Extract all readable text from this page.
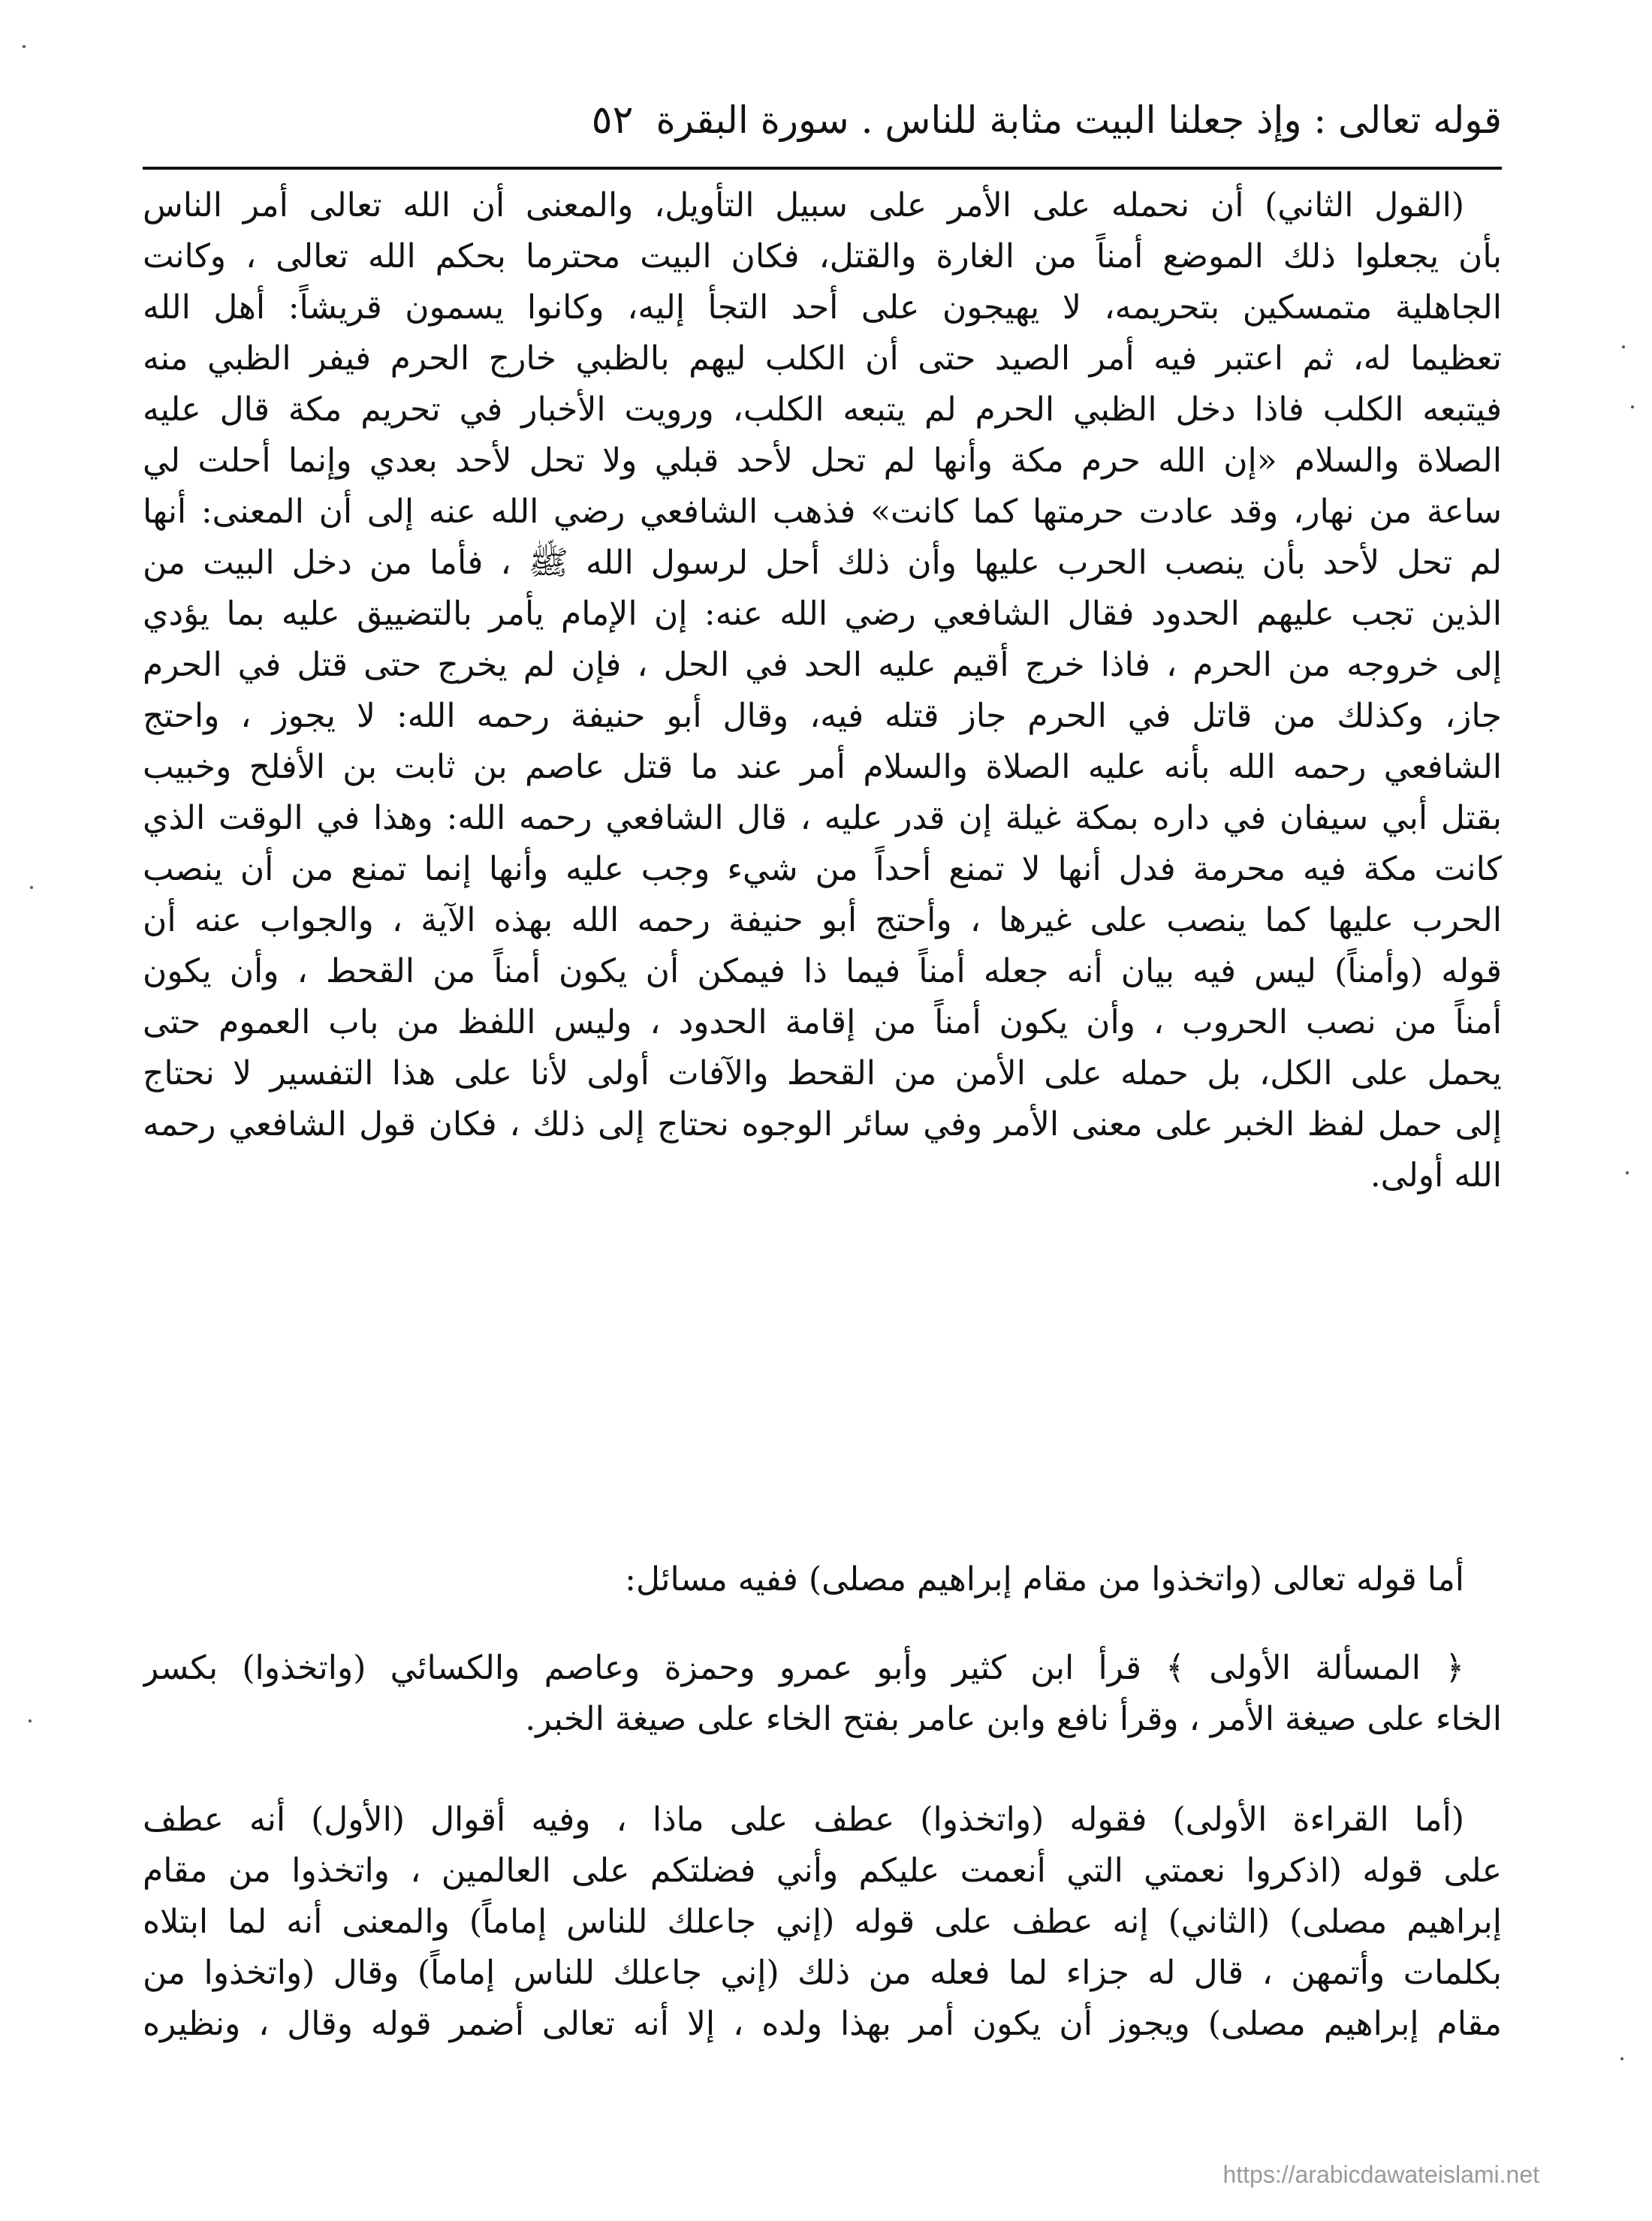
قوله تعالى : وإذ جعلنا البيت مثابة للناس . سورة البقرة
٥٢
(القول الثاني) أن نحمله على الأمر على سبيل التأويل، والمعنى أن الله تعالى أمر الناس
بأن يجعلوا ذلك الموضع أمناً من الغارة والقتل، فكان البيت محترما بحكم الله تعالى ، وكانت
الجاهلية متمسكين بتحريمه، لا يهيجون على أحد التجأ إليه، وكانوا يسمون قريشاً: أهل الله
تعظيما له، ثم اعتبر فيه أمر الصيد حتى أن الكلب ليهم بالظبي خارج الحرم فيفر الظبي منه
فيتبعه الكلب فاذا دخل الظبي الحرم لم يتبعه الكلب، ورويت الأخبار في تحريم مكة قال عليه
الصلاة والسلام «إن الله حرم مكة وأنها لم تحل لأحد قبلي ولا تحل لأحد بعدي وإنما أحلت لي
ساعة من نهار، وقد عادت حرمتها كما كانت» فذهب الشافعي رضي الله عنه إلى أن المعنى: أنها
لم تحل لأحد بأن ينصب الحرب عليها وأن ذلك أحل لرسول الله ﷺ ، فأما من دخل البيت من
الذين تجب عليهم الحدود فقال الشافعي رضي الله عنه: إن الإمام يأمر بالتضييق عليه بما يؤدي
إلى خروجه من الحرم ، فاذا خرج أقيم عليه الحد في الحل ، فإن لم يخرج حتى قتل في الحرم
جاز، وكذلك من قاتل في الحرم جاز قتله فيه، وقال أبو حنيفة رحمه الله: لا يجوز ، واحتج
الشافعي رحمه الله بأنه عليه الصلاة والسلام أمر عند ما قتل عاصم بن ثابت بن الأفلح وخبيب
بقتل أبي سيفان في داره بمكة غيلة إن قدر عليه ، قال الشافعي رحمه الله: وهذا في الوقت الذي
كانت مكة فيه محرمة فدل أنها لا تمنع أحداً من شيء وجب عليه وأنها إنما تمنع من أن ينصب
الحرب عليها كما ينصب على غيرها ، وأحتج أبو حنيفة رحمه الله بهذه الآية ، والجواب عنه أن
قوله (وأمناً) ليس فيه بيان أنه جعله أمناً فيما ذا فيمكن أن يكون أمناً من القحط ، وأن يكون
أمناً من نصب الحروب ، وأن يكون أمناً من إقامة الحدود ، وليس اللفظ من باب العموم حتى
يحمل على الكل، بل حمله على الأمن من القحط والآفات أولى لأنا على هذا التفسير لا نحتاج
إلى حمل لفظ الخبر على معنى الأمر وفي سائر الوجوه نحتاج إلى ذلك ، فكان قول الشافعي رحمه
الله أولى.
أما قوله تعالى (واتخذوا من مقام إبراهيم مصلى) ففيه مسائل:
﴿ المسألة الأولى ﴾ قرأ ابن كثير وأبو عمرو وحمزة وعاصم والكسائي (واتخذوا) بكسر
الخاء على صيغة الأمر ، وقرأ نافع وابن عامر بفتح الخاء على صيغة الخبر.
(أما القراءة الأولى) فقوله (واتخذوا) عطف على ماذا ، وفيه أقوال (الأول) أنه عطف
على قوله (اذكروا نعمتي التي أنعمت عليكم وأني فضلتكم على العالمين ، واتخذوا من مقام
إبراهيم مصلى) (الثاني) إنه عطف على قوله (إني جاعلك للناس إماماً) والمعنى أنه لما ابتلاه
بكلمات وأتمهن ، قال له جزاء لما فعله من ذلك (إني جاعلك للناس إماماً) وقال (واتخذوا من
مقام إبراهيم مصلى) ويجوز أن يكون أمر بهذا ولده ، إلا أنه تعالى أضمر قوله وقال ، ونظيره
https://arabicdawateislami.net
